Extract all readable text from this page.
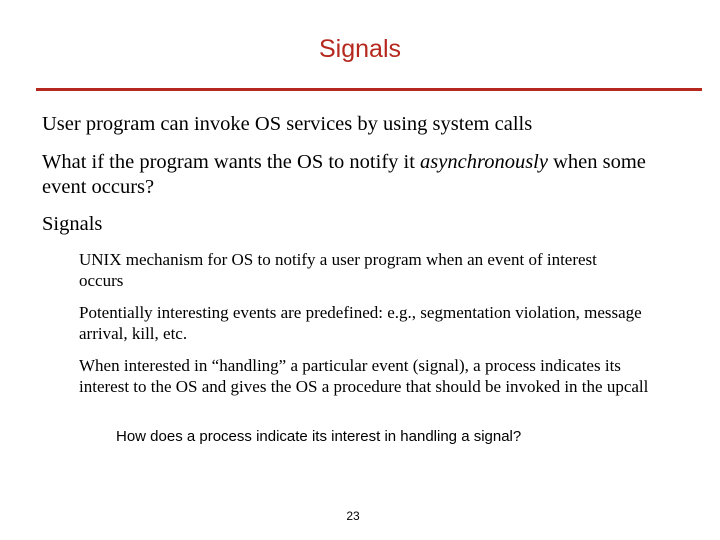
Signals

User program can invoke OS services by using system calls

What if the program wants the OS to notify it asynchronously when some event occurs?

Signals

UNIX mechanism for OS to notify a user program when an event of interest occurs

Potentially interesting events are predefined: e.g., segmentation violation, message arrival, kill, etc.

When interested in “handling” a particular event (signal), a process indicates its interest to the OS and gives the OS a procedure that should be invoked in the upcall

How does a process indicate its interest in handling a signal?

23
